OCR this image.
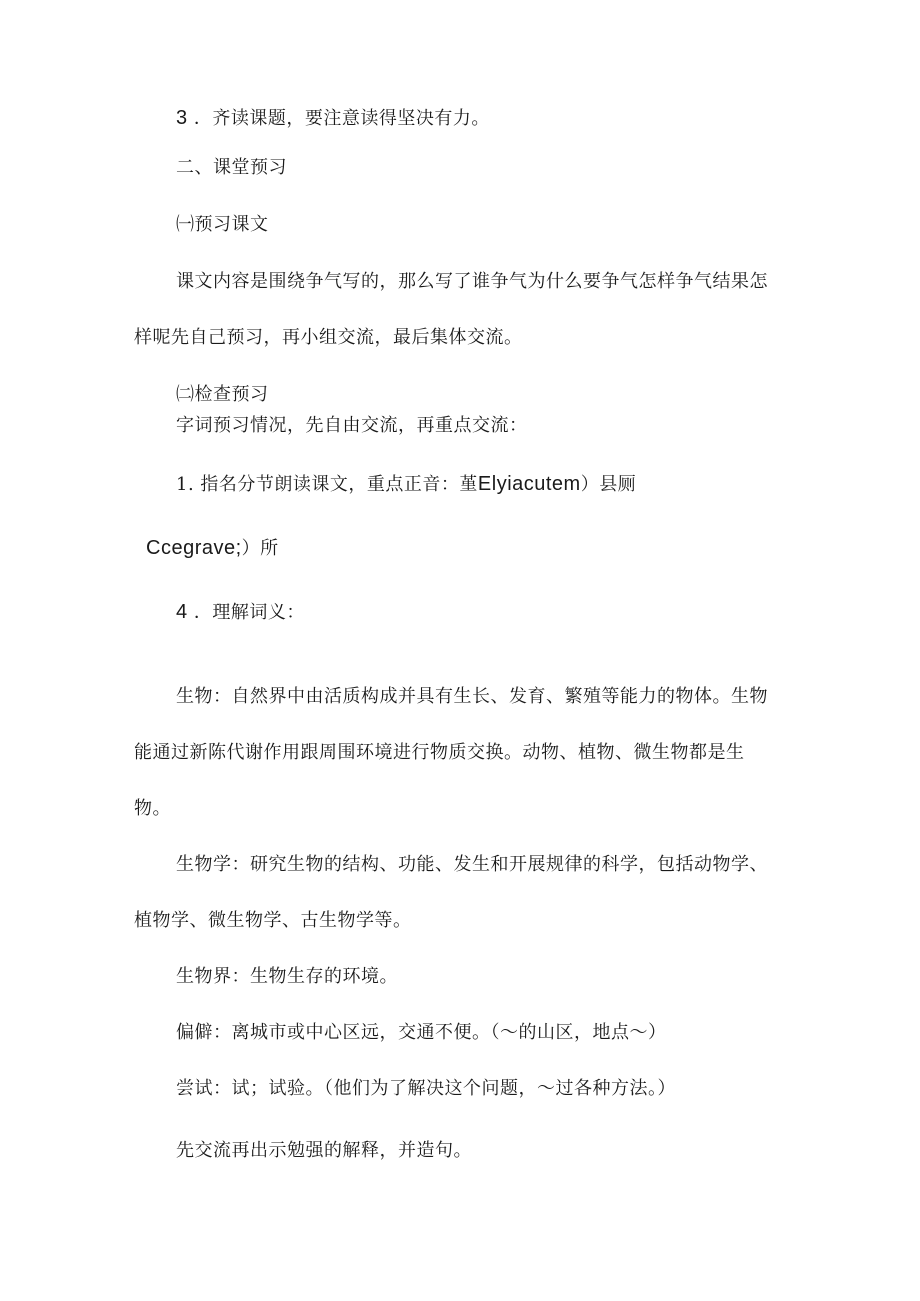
3 ．齐读课题，要注意读得坚决有力。
二、课堂预习
㈠预习课文
课文内容是围绕争气写的，那么写了谁争气为什么要争气怎样争气结果怎
样呢先自己预习，再小组交流，最后集体交流。
㈡检查预习
字词预习情况，先自由交流，再重点交流：
1. 指名分节朗读课文，重点正音：堇Elyiacutem）县厕
Ccegrave;）所
4 ．理解词义：
生物：自然界中由活质构成并具有生长、发育、繁殖等能力的物体。生物
能通过新陈代谢作用跟周围环境进行物质交换。动物、植物、微生物都是生
物。
生物学：研究生物的结构、功能、发生和开展规律的科学，包括动物学、
植物学、微生物学、古生物学等。
生物界：生物生存的环境。
偏僻：离城市或中心区远，交通不便。（～的山区，地点～）
尝试：试；试验。（他们为了解决这个问题，～过各种方法。）
先交流再出示勉强的解释，并造句。
